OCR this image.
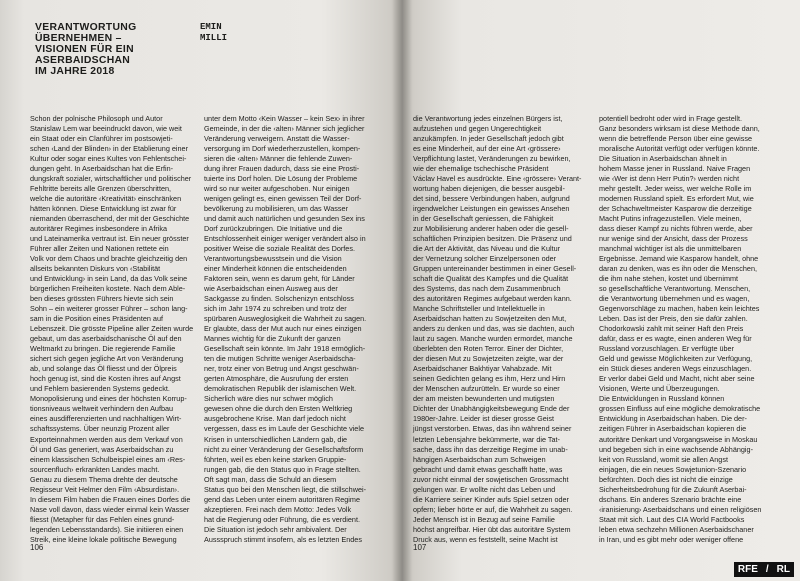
VERANTWORTUNG
ÜBERNEHMEN –
VISIONEN FÜR EIN
ASERBAIDSCHAN
IM JAHRE 2018
EMIN
MILLI
Schon der polnische Philosoph und Autor
Stanislaw Lem war beeindruckt davon, wie weit
ein Staat oder ein Clanführer im postsowjeti-
schen ‹Land der Blinden› in der Etablierung einer
Kultur oder sogar eines Kultes von Fehlentschei-
dungen geht. In Aserbaidschan hat die Erfin-
dungskraft sozialer, wirtschaftlicher und politischer
Fehltritte bereits alle Grenzen überschritten,
welche die autoritäre ‹Kreativität› einschränken
hätten können. Diese Entwicklung ist zwar für
niemanden überraschend, der mit der Geschichte
autoritärer Regimes insbesondere in Afrika
und Lateinamerika vertraut ist. Ein neuer grösster
Führer aller Zeiten und Nationen rettete ein
Volk vor dem Chaos und brachte gleichzeitig den
allseits bekannten Diskurs von ‹Stabilität
und Entwicklung› in sein Land, da das Volk seine
bürgerlichen Freiheiten kostete. Nach dem Able-
ben dieses grössten Führers hievte sich sein
Sohn – ein weiterer grosser Führer – schon lang-
sam in die Position eines Präsidenten auf
Lebenszeit. Die grösste Pipeline aller Zeiten wurde
gebaut, um das aserbaidschanische Öl auf den
Weltmarkt zu bringen. Die regierende Familie
sichert sich gegen jegliche Art von Veränderung
ab, und solange das Öl fliesst und der Ölpreis
hoch genug ist, sind die Kosten ihres auf Angst
und Fehlern basierenden Systems gedeckt.
Monopolisierung und eines der höchsten Korrup-
tionsniveaus weltweit verhindern den Aufbau
eines ausdifferenzierten und nachhaltigen Wirt-
schaftssystems. Über neunzig Prozent aller
Exporteinnahmen werden aus dem Verkauf von
Öl und Gas generiert, was Aserbaidschan zu
einem klassischen Schulbeispiel eines am ‹Res-
sourcenfluch› erkrankten Landes macht.
Genau zu diesem Thema drehte der deutsche
Regisseur Veit Helmer den Film ‹Absurdistan›.
In diesem Film haben die Frauen eines Dorfes die
Nase voll davon, dass wieder einmal kein Wasser
fliesst (Metapher für das Fehlen eines grund-
legenden Lebensstandards). Sie initiieren einen
Streik, eine kleine lokale politische Bewegung
unter dem Motto ‹Kein Wasser – kein Sex› in ihrer
Gemeinde, in der die ‹alten› Männer sich jeglicher
Veränderung verweigern. Anstatt die Wasser-
versorgung im Dorf wiederherzustellen, kompen-
sieren die ‹alten› Männer die fehlende Zuwen-
dung ihrer Frauen dadurch, dass sie eine Prosti-
tuierte ins Dorf holen. Die Lösung der Probleme
wird so nur weiter aufgeschoben. Nur einigen
wenigen gelingt es, einen gewissen Teil der Dorf-
bevölkerung zu mobilisieren, um das Wasser
und damit auch natürlichen und gesunden Sex ins
Dorf zurückzubringen. Die Initiative und die
Entschlossenheit einiger weniger verändert also in
positiver Weise die soziale Realität des Dorfes.
Verantwortungsbewusstsein und die Vision
einer Minderheit können die entscheidenden
Faktoren sein, wenn es darum geht, für Länder
wie Aserbaidschan einen Ausweg aus der
Sackgasse zu finden. Solschenizyn entschloss
sich im Jahr 1974 zu schreiben und trotz der
spürbaren Ausweglosigkeit die Wahrheit zu sagen.
Er glaubte, dass der Mut auch nur eines einzigen
Mannes wichtig für die Zukunft der ganzen
Gesellschaft sein könnte. Im Jahr 1918 ermöglich-
ten die mutigen Schritte weniger Aserbaidscha-
ner, trotz einer von Betrug und Angst geschwän-
gerten Atmosphäre, die Ausrufung der ersten
demokratischen Republik der islamischen Welt.
Sicherlich wäre dies nur schwer möglich
gewesen ohne die durch den Ersten Weltkrieg
ausgebrochene Krise. Man darf jedoch nicht
vergessen, dass es im Laufe der Geschichte viele
Krisen in unterschiedlichen Ländern gab, die
nicht zu einer Veränderung der Gesellschaftsform
führten, weil es eben keine starken Gruppie-
rungen gab, die den Status quo in Frage stellten.
Oft sagt man, dass die Schuld an diesem
Status quo bei den Menschen liegt, die stillschwei-
gend das Leben unter einem autoritären Regime
akzeptieren. Frei nach dem Motto: Jedes Volk
hat die Regierung oder Führung, die es verdient.
Die Situation ist jedoch sehr ambivalent. Der
Aussspruch stimmt insofern, als es letzten Endes
106
die Verantwortung jedes einzelnen Bürgers ist,
aufzustehen und gegen Ungerechtigkeit
anzukämpfen. In jeder Gesellschaft jedoch gibt
es eine Minderheit, auf der eine Art ‹grössere›
Verpflichtung lastet, Veränderungen zu bewirken,
wie der ehemalige tschechische Präsident
Václav Havel es ausdrückte. Eine ‹grössere› Verant-
wortung haben diejenigen, die besser ausgebil-
det sind, bessere Verbindungen haben, aufgrund
irgendwelcher Leistungen ein gewisses Ansehen
in der Gesellschaft geniessen, die Fähigkeit
zur Mobilisierung anderer haben oder die gesell-
schaftlichen Prinzipien besitzen. Die Präsenz und
die Art der Aktivität, das Niveau und die Kultur
der Vernetzung solcher Einzelpersonen oder
Gruppen untereinander bestimmen in einer Gesell-
schaft die Qualität des Kampfes und die Qualität
des Systems, das nach dem Zusammenbruch
des autoritären Regimes aufgebaut werden kann.
Manche Schriftsteller und Intellektuelle in
Aserbaidschan hatten zu Sowjetzeiten den Mut,
anders zu denken und das, was sie dachten, auch
laut zu sagen. Manche wurden ermordet, manche
überlebten den Roten Terror. Einer der Dichter,
der diesen Mut zu Sowjetzeiten zeigte, war der
Aserbaidschaner Bakhtiyar Vahabzade. Mit
seinen Gedichten gelang es ihm, Herz und Hirn
der Menschen aufzurütteln. Er wurde so einer
der am meisten bewunderten und mutigsten
Dichter der Unabhängigkeitsbewegung Ende der
1980er-Jahre. Leider ist dieser grosse Geist
jüngst verstorben. Etwas, das ihn während seiner
letzten Lebensjahre bekümmerte, war die Tat-
sache, dass ihn das derzeitige Regime im unab-
hängigen Aserbaidschan zum Schweigen
gebracht und damit etwas geschafft hatte, was
zuvor nicht einmal der sowjetischen Grossmacht
gelungen war. Er wollte nicht das Leben und
die Karriere seiner Kinder aufs Spiel setzen oder
opfern; lieber hörte er auf, die Wahrheit zu sagen.
Jeder Mensch ist in Bezug auf seine Familie
höchst angreifbar. Hier übt das autoritäre System
Druck aus, wenn es feststellt, seine Macht ist
potentiell bedroht oder wird in Frage gestellt.
Ganz besonders wirksam ist diese Methode dann,
wenn die betreffende Person über eine gewisse
moralische Autorität verfügt oder verfügen könnte.
Die Situation in Aserbaidschan ähnelt in
hohem Masse jener in Russland. Naive Fragen
wie ‹Wer ist denn Herr Putin?› werden nicht
mehr gestellt. Jeder weiss, wer welche Rolle im
modernen Russland spielt. Es erfordert Mut, wie
der Schachweltmeister Kasparow die derzeitige
Macht Putins infragezustellen. Viele meinen,
dass dieser Kampf zu nichts führen werde, aber
nur wenige sind der Ansicht, dass der Prozess
manchmal wichtiger ist als die unmittelbaren
Ergebnisse. Jemand wie Kasparow handelt, ohne
daran zu denken, was es ihn oder die Menschen,
die ihm nahe stehen, kostet und übernimmt
so gesellschaftliche Verantwortung. Menschen,
die Verantwortung übernehmen und es wagen,
Gegenvorschläge zu machen, haben kein leichtes
Leben. Das ist der Preis, den sie dafür zahlen.
Chodorkowski zahlt mit seiner Haft den Preis
dafür, dass er es wagte, einen anderen Weg für
Russland vorzuschlagen. Er verfügte über
Geld und gewisse Möglichkeiten zur Verfügung,
ein Stück dieses anderen Wegs einzuschlagen.
Er verlor dabei Geld und Macht, nicht aber seine
Visionen, Werte und Überzeugungen.
Die Entwicklungen in Russland können
grossen Einfluss auf eine mögliche demokratische
Entwicklung in Aserbaidschan haben. Die der-
zeitigen Führer in Aserbaidschan kopieren die
autoritäre Denkart und Vorgangsweise in Moskau
und begeben sich in eine wachsende Abhängig-
keit von Russland, womit sie allen Angst
einjagen, die ein neues Sowjetunion-Szenario
befürchten. Doch dies ist nicht die einzige
Sicherheitsbedrohung für die Zukunft Aserbai-
dschans. Ein anderes Szenario brächte eine
‹iranisierung› Aserbaidschans und einen religiösen
Staat mit sich. Laut des CIA World Factbooks
leben etwa sechzehn Millionen Aserbaidschaner
in Iran, und es gibt mehr oder weniger offene
107
RFE / RL
